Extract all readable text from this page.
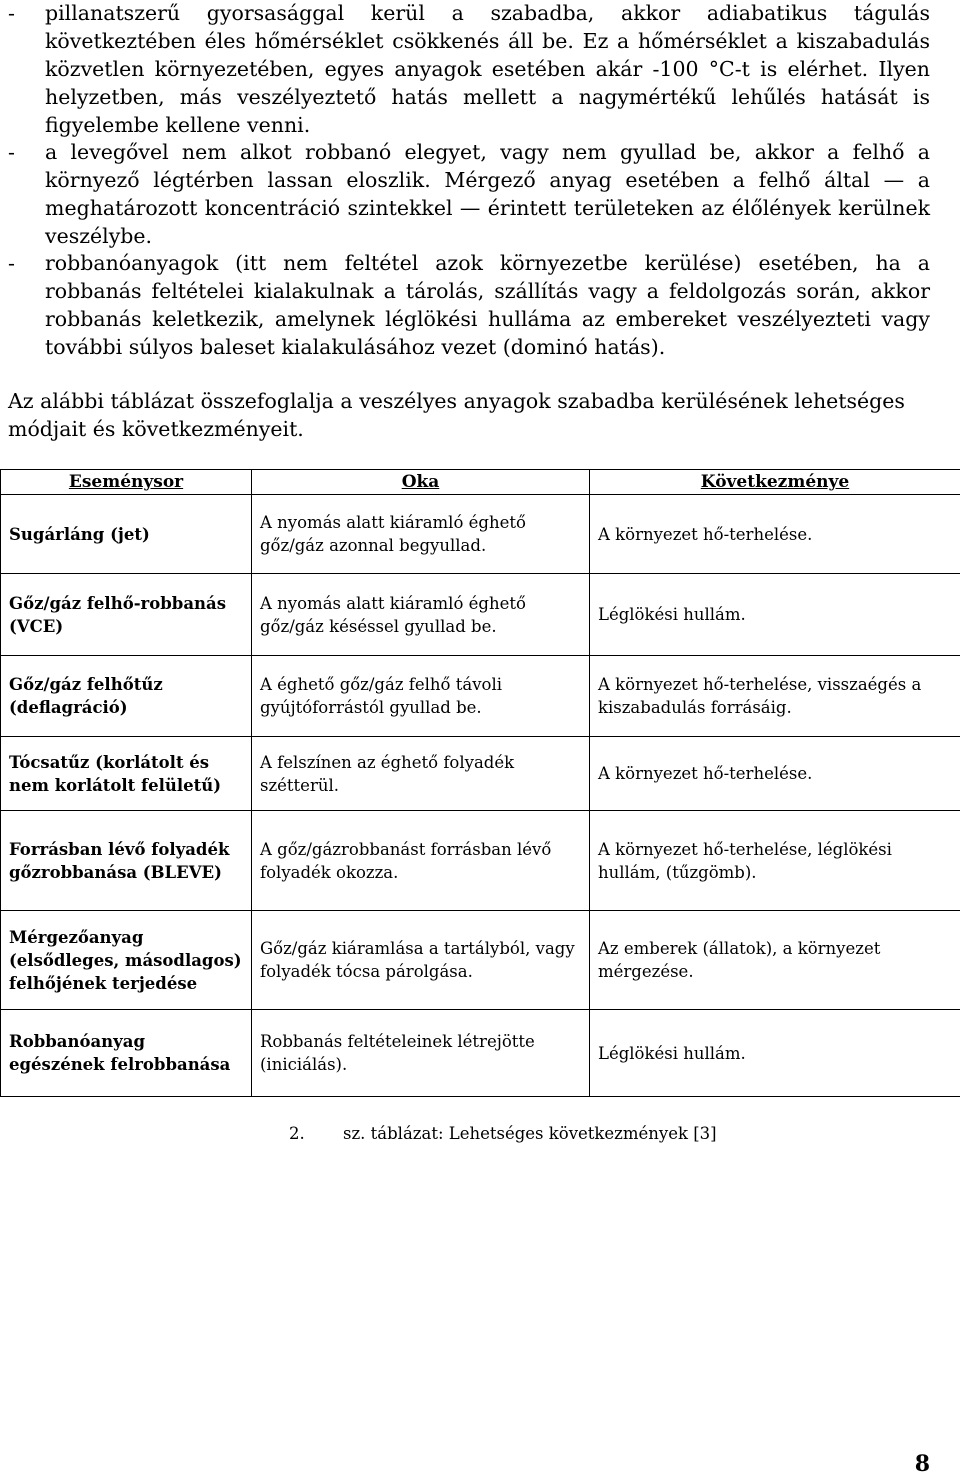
- pillanatszerű gyorsasággal kerül a szabadba, akkor adiabatikus tágulás következtében éles hőmérséklet csökkenés áll be. Ez a hőmérséklet a kiszabadulás közvetlen környezetében, egyes anyagok esetében akár -100 °C-t is elérhet. Ilyen helyzetben, más veszélyeztető hatás mellett a nagymértékű lehűlés hatását is figyelembe kellene venni.
- a levegővel nem alkot robbanó elegyet, vagy nem gyullad be, akkor a felhő a környező légtérben lassan eloszlik. Mérgező anyag esetében a felhő által — a meghatározott koncentráció szintekkel — érintett területeken az élőlények kerülnek veszélybe.
- robbanóanyagok (itt nem feltétel azok környezetbe kerülése) esetében, ha a robbanás feltételei kialakulnak a tárolás, szállítás vagy a feldolgozás során, akkor robbanás keletkezik, amelynek léglökési hulláma az embereket veszélyezteti vagy további súlyos baleset kialakulásához vezet (dominó hatás).
Az alábbi táblázat összefoglalja a veszélyes anyagok szabadba kerülésének lehetséges módjait és következményeit.
Eseménysor	Oka	Következménye
Sugárláng (jet)	A nyomás alatt kiáramló éghető gőz/gáz azonnal begyullad.	A környezet hő-terhelése.
Gőz/gáz felhő-robbanás (VCE)	A nyomás alatt kiáramló éghető gőz/gáz késéssel gyullad be.	Léglökési hullám.
Gőz/gáz felhőtűz (deflagráció)	A éghető gőz/gáz felhő távoli gyújtóforrástól gyullad be.	A környezet hő-terhelése, visszaégés a kiszabadulás forrásáig.
Tócsatűz (korlátolt és nem korlátolt felületű)	A felszínen az éghető folyadék szétterül.	A környezet hő-terhelése.
Forrásban lévő folyadék gőzrobbanása (BLEVE)	A gőz/gázrobbanást forrásban lévő folyadék okozza.	A környezet hő-terhelése, léglökési hullám, (tűzgömb).
Mérgezőanyag (elsődleges, másodlagos) felhőjének terjedése	Gőz/gáz kiáramlása a tartályból, vagy folyadék tócsa párolgása.	Az emberek (állatok), a környezet mérgezése.
Robbanóanyag egészének felrobbanása	Robbanás feltételeinek létrejötte (iniciálás).	Léglökési hullám.
2. sz. táblázat: Lehetséges következmények [3]
8
